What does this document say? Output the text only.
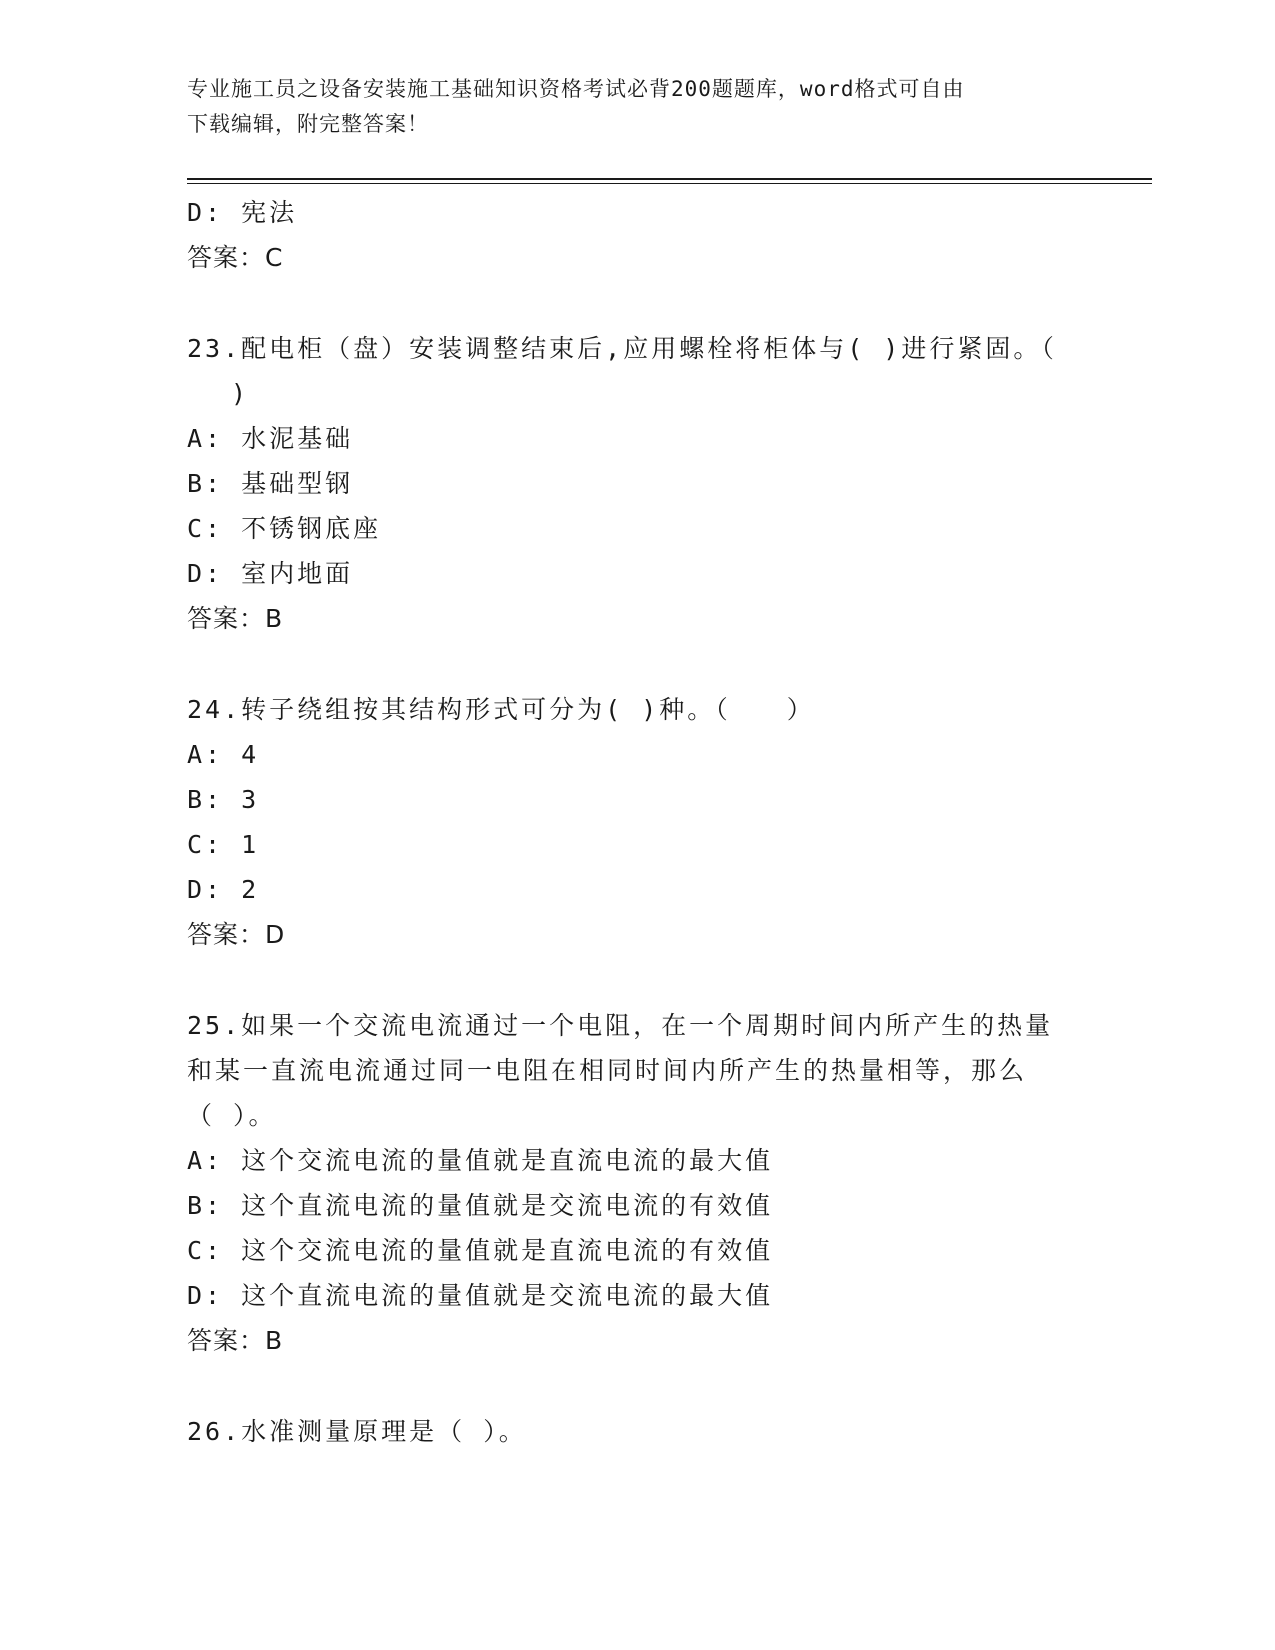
专业施工员之设备安装施工基础知识资格考试必背200题题库，word格式可自由
下载编辑，附完整答案！
D: 宪法
答案：C
23.配电柜（盘）安装调整结束后,应用螺栓将柜体与( )进行紧固。（
)
A: 水泥基础
B: 基础型钢
C: 不锈钢底座
D: 室内地面
答案：B
24.转子绕组按其结构形式可分为( )种。（　　）
A: 4
B: 3
C: 1
D: 2
答案：D
25.如果一个交流电流通过一个电阻，在一个周期时间内所产生的热量
和某一直流电流通过同一电阻在相同时间内所产生的热量相等，那么
（ ）。
A: 这个交流电流的量值就是直流电流的最大值
B: 这个直流电流的量值就是交流电流的有效值
C: 这个交流电流的量值就是直流电流的有效值
D: 这个直流电流的量值就是交流电流的最大值
答案：B
26.水准测量原理是（ ）。
